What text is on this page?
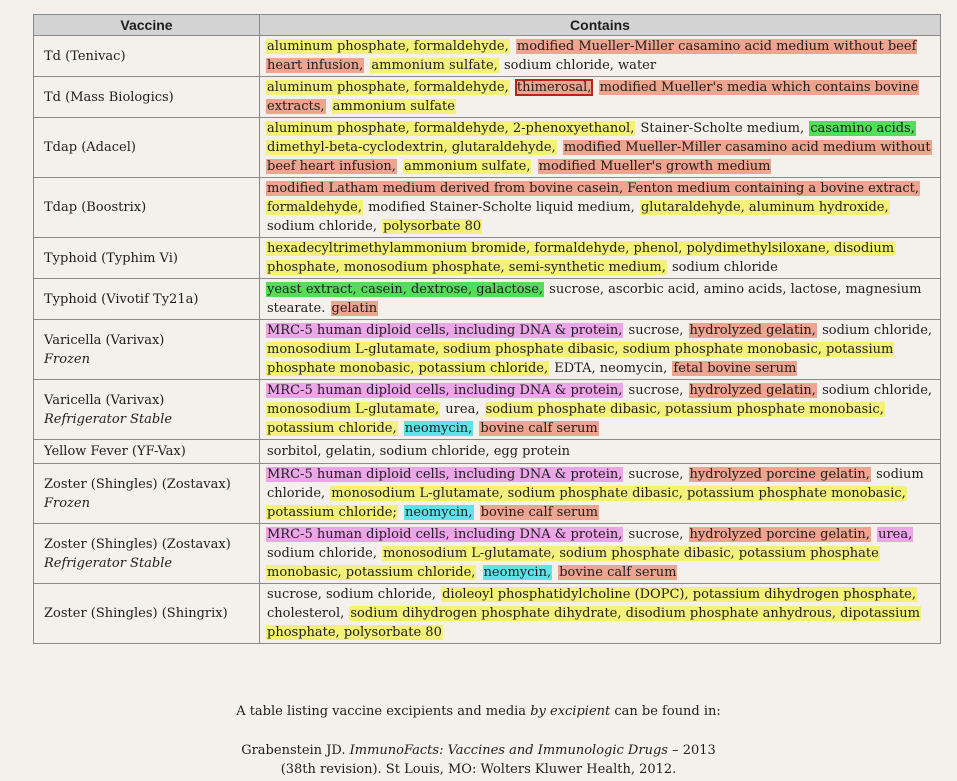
Vaccine	Contains

Td (Tenivac)	aluminum phosphate, formaldehyde, modified Mueller-Miller casamino acid medium without beef heart infusion, ammonium sulfate, sodium chloride, water

Td (Mass Biologics)	aluminum phosphate, formaldehyde, thimerosal, modified Mueller's media which contains bovine extracts, ammonium sulfate

Tdap (Adacel)	aluminum phosphate, formaldehyde, 2-phenoxyethanol, Stainer-Scholte medium, casamino acids, dimethyl-beta-cyclodextrin, glutaraldehyde, modified Mueller-Miller casamino acid medium without beef heart infusion, ammonium sulfate, modified Mueller's growth medium

Tdap (Boostrix)	modified Latham medium derived from bovine casein, Fenton medium containing a bovine extract, formaldehyde, modified Stainer-Scholte liquid medium, glutaraldehyde, aluminum hydroxide, sodium chloride, polysorbate 80

Typhoid (Typhim Vi)	hexadecyltrimethylammonium bromide, formaldehyde, phenol, polydimethylsiloxane, disodium phosphate, monosodium phosphate, semi-synthetic medium, sodium chloride

Typhoid (Vivotif Ty21a)	yeast extract, casein, dextrose, galactose, sucrose, ascorbic acid, amino acids, lactose, magnesium stearate. gelatin

Varicella (Varivax)
Frozen	MRC-5 human diploid cells, including DNA & protein, sucrose, hydrolyzed gelatin, sodium chloride, monosodium L-glutamate, sodium phosphate dibasic, sodium phosphate monobasic, potassium phosphate monobasic, potassium chloride, EDTA, neomycin, fetal bovine serum

Varicella (Varivax)
Refrigerator Stable	MRC-5 human diploid cells, including DNA & protein, sucrose, hydrolyzed gelatin, sodium chloride, monosodium L-glutamate, urea, sodium phosphate dibasic, potassium phosphate monobasic, potassium chloride, neomycin, bovine calf serum

Yellow Fever (YF-Vax)	sorbitol, gelatin, sodium chloride, egg protein

Zoster (Shingles) (Zostavax)
Frozen	MRC-5 human diploid cells, including DNA & protein, sucrose, hydrolyzed porcine gelatin, sodium chloride, monosodium L-glutamate, sodium phosphate dibasic, potassium phosphate monobasic, potassium chloride; neomycin, bovine calf serum

Zoster (Shingles) (Zostavax)
Refrigerator Stable	MRC-5 human diploid cells, including DNA & protein, sucrose, hydrolyzed porcine gelatin, urea, sodium chloride, monosodium L-glutamate, sodium phosphate dibasic, potassium phosphate monobasic, potassium chloride, neomycin, bovine calf serum

Zoster (Shingles) (Shingrix)	sucrose, sodium chloride, dioleoyl phosphatidylcholine (DOPC), potassium dihydrogen phosphate, cholesterol, sodium dihydrogen phosphate dihydrate, disodium phosphate anhydrous, dipotassium phosphate, polysorbate 80
A table listing vaccine excipients and media by excipient can be found in:
Grabenstein JD. ImmunoFacts: Vaccines and Immunologic Drugs – 2013
(38th revision). St Louis, MO: Wolters Kluwer Health, 2012.
